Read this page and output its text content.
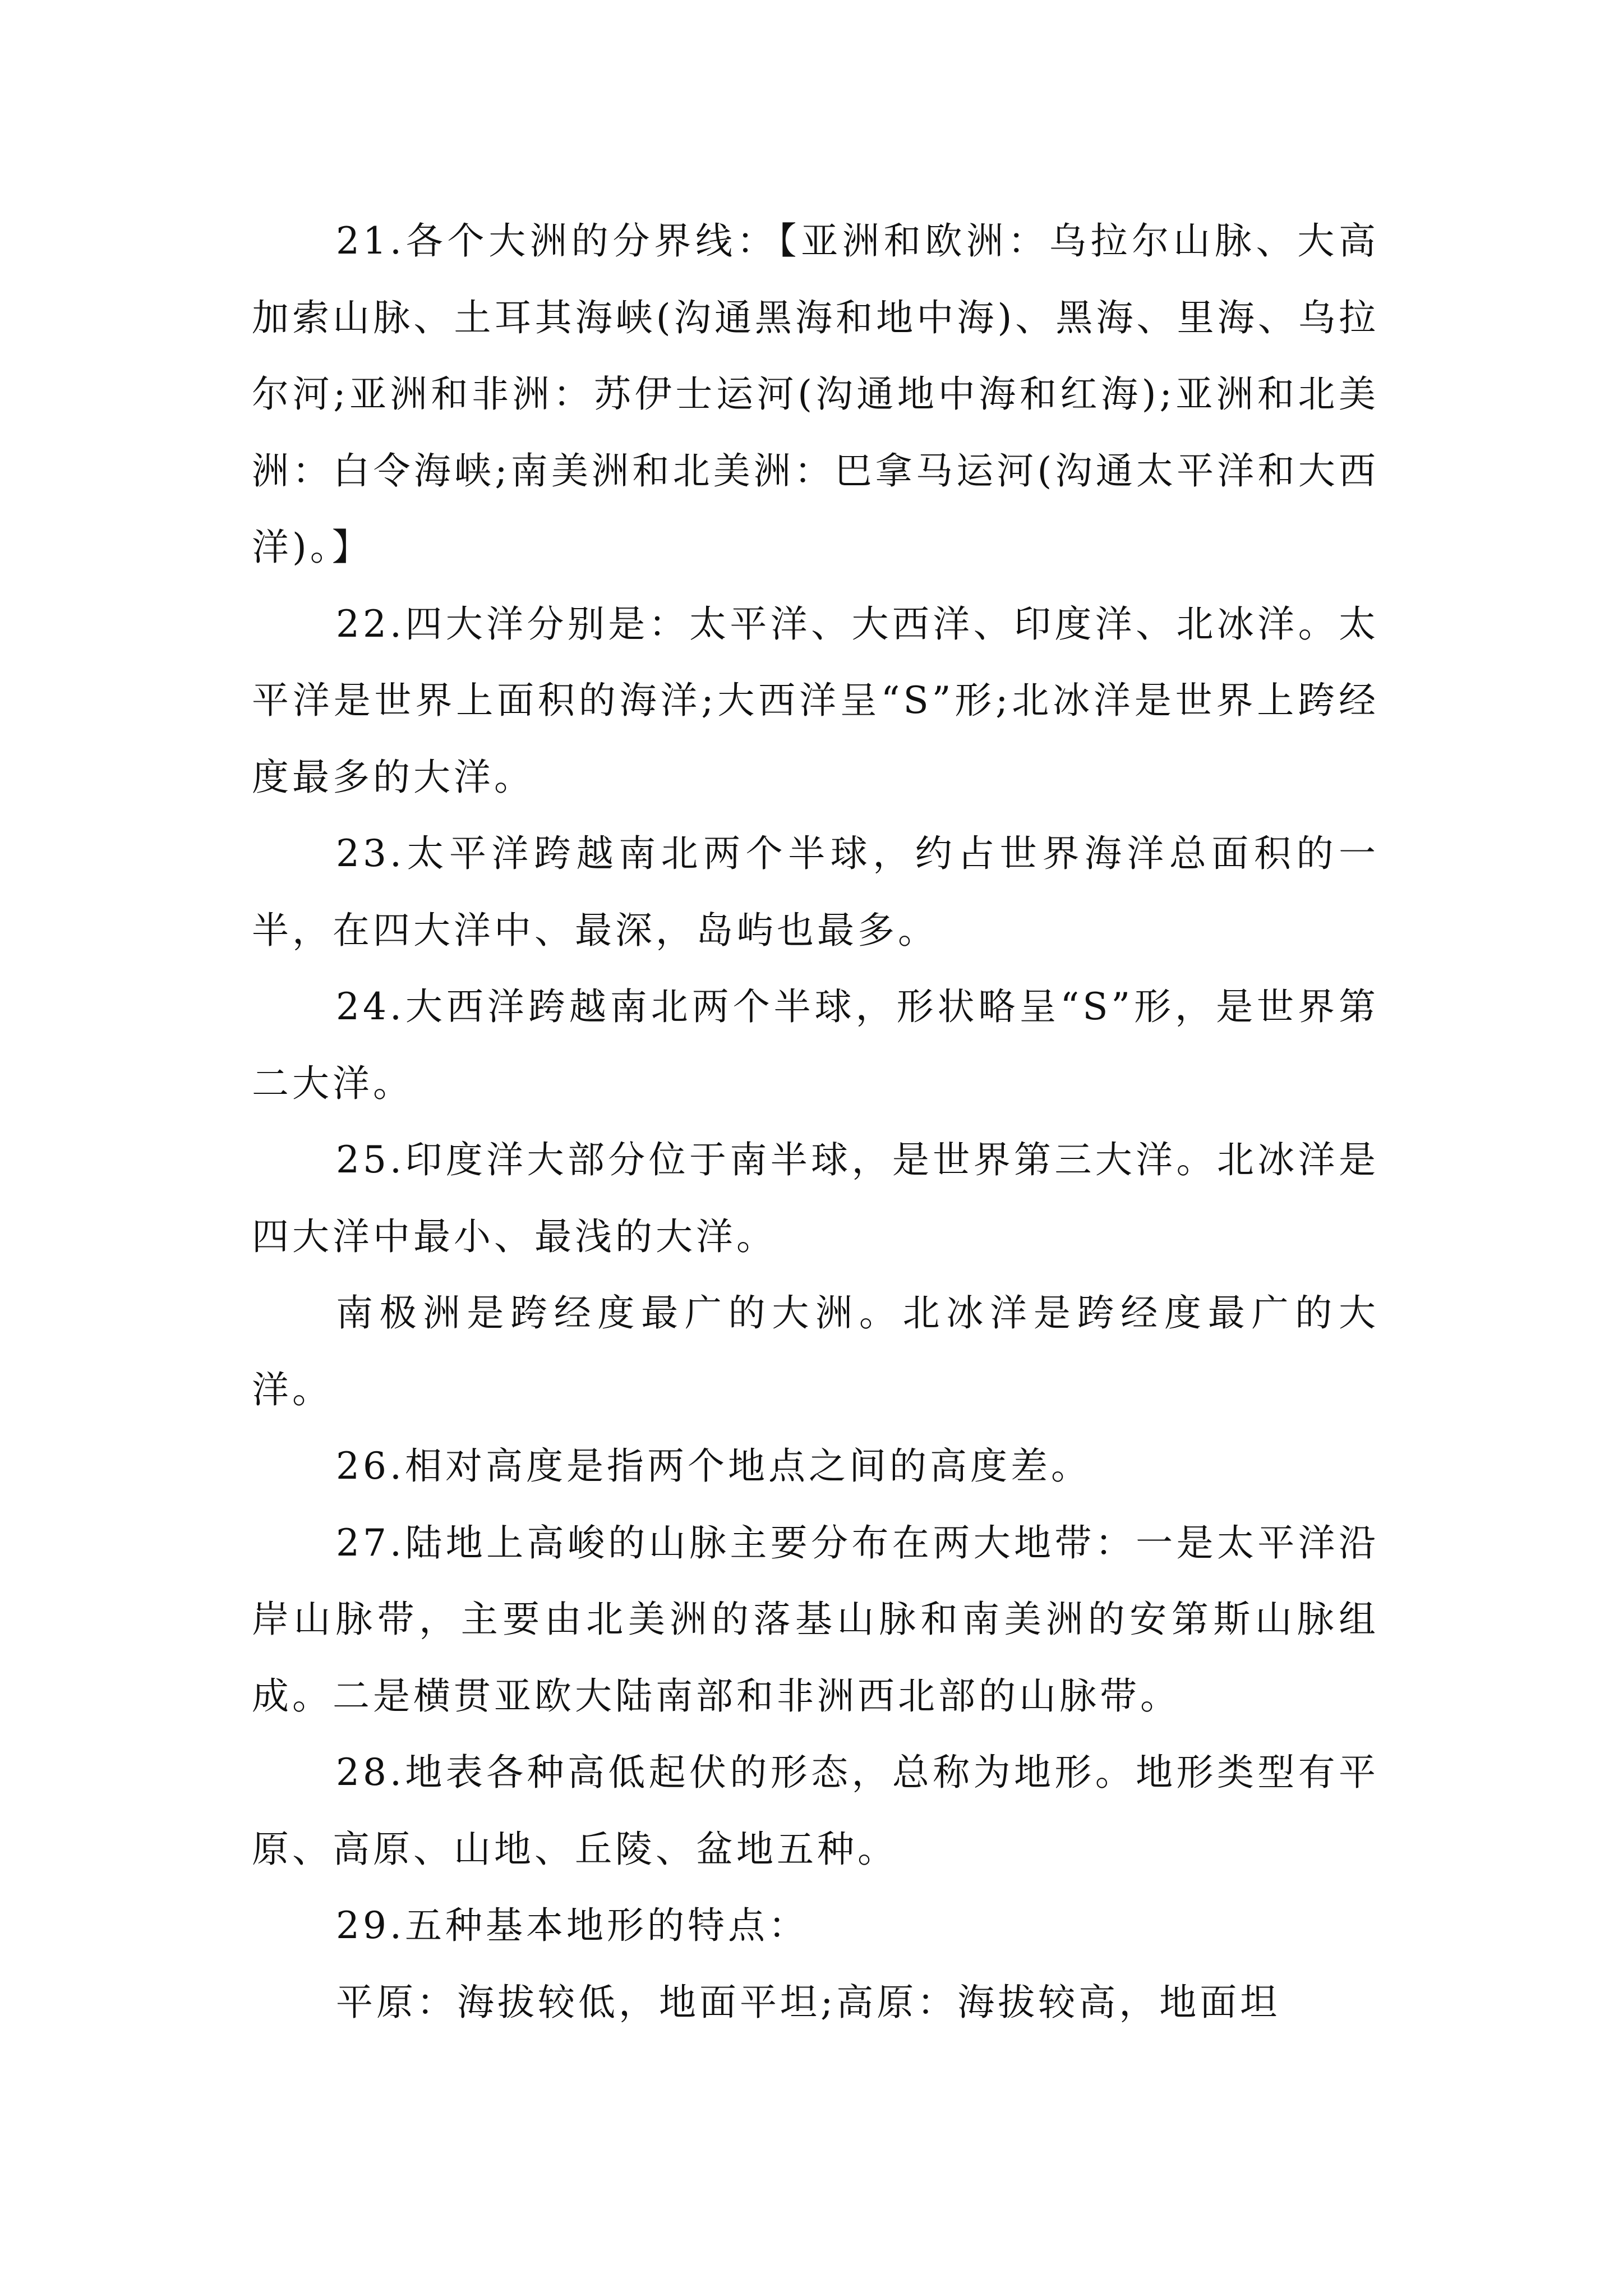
21.各个大洲的分界线：【亚洲和欧洲：乌拉尔山脉、大高加索山脉、土耳其海峡(沟通黑海和地中海)、黑海、里海、乌拉尔河;亚洲和非洲：苏伊士运河(沟通地中海和红海);亚洲和北美洲：白令海峡;南美洲和北美洲：巴拿马运河(沟通太平洋和大西洋)。】

22.四大洋分别是：太平洋、大西洋、印度洋、北冰洋。太平洋是世界上面积的海洋;大西洋呈“S”形;北冰洋是世界上跨经度最多的大洋。

23.太平洋跨越南北两个半球，约占世界海洋总面积的一半，在四大洋中、最深，岛屿也最多。

24.大西洋跨越南北两个半球，形状略呈“S”形，是世界第二大洋。

25.印度洋大部分位于南半球，是世界第三大洋。北冰洋是四大洋中最小、最浅的大洋。

南极洲是跨经度最广的大洲。北冰洋是跨经度最广的大洋。

26.相对高度是指两个地点之间的高度差。

27.陆地上高峻的山脉主要分布在两大地带：一是太平洋沿岸山脉带，主要由北美洲的落基山脉和南美洲的安第斯山脉组成。二是横贯亚欧大陆南部和非洲西北部的山脉带。

28.地表各种高低起伏的形态，总称为地形。地形类型有平原、高原、山地、丘陵、盆地五种。

29.五种基本地形的特点：

平原：海拔较低，地面平坦;高原：海拔较高，地面坦
